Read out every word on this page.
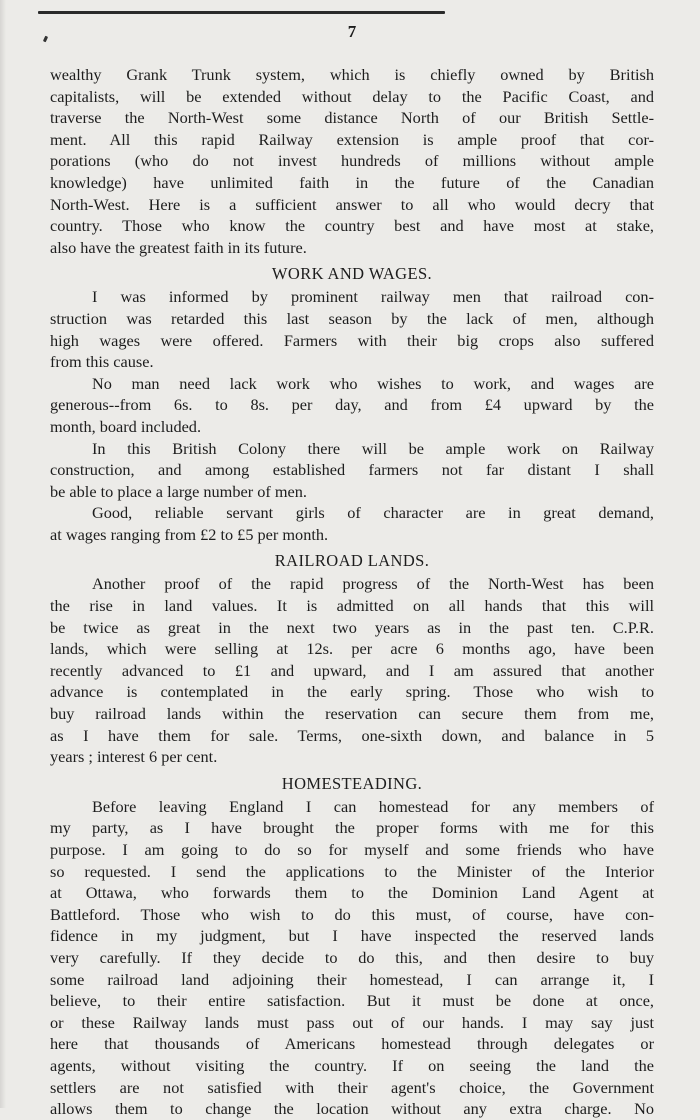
7
wealthy Grank Trunk system, which is chiefly owned by British
capitalists, will be extended without delay to the Pacific Coast, and
traverse the North-West some distance North of our British Settle-
ment. All this rapid Railway extension is ample proof that cor-
porations (who do not invest hundreds of millions without ample
knowledge) have unlimited faith in the future of the Canadian
North-West. Here is a sufficient answer to all who would decry that
country. Those who know the country best and have most at stake,
also have the greatest faith in its future.
WORK AND WAGES.
I was informed by prominent railway men that railroad con-
struction was retarded this last season by the lack of men, although
high wages were offered. Farmers with their big crops also suffered
from this cause.
No man need lack work who wishes to work, and wages are
generous--from 6s. to 8s. per day, and from £4 upward by the
month, board included.
In this British Colony there will be ample work on Railway
construction, and among established farmers not far distant I shall
be able to place a large number of men.
Good, reliable servant girls of character are in great demand,
at wages ranging from £2 to £5 per month.
RAILROAD LANDS.
Another proof of the rapid progress of the North-West has been
the rise in land values. It is admitted on all hands that this will
be twice as great in the next two years as in the past ten. C.P.R.
lands, which were selling at 12s. per acre 6 months ago, have been
recently advanced to £1 and upward, and I am assured that another
advance is contemplated in the early spring. Those who wish to
buy railroad lands within the reservation can secure them from me,
as I have them for sale. Terms, one-sixth down, and balance in 5
years ; interest 6 per cent.
HOMESTEADING.
Before leaving England I can homestead for any members of
my party, as I have brought the proper forms with me for this
purpose. I am going to do so for myself and some friends who have
so requested. I send the applications to the Minister of the Interior
at Ottawa, who forwards them to the Dominion Land Agent at
Battleford. Those who wish to do this must, of course, have con-
fidence in my judgment, but I have inspected the reserved lands
very carefully. If they decide to do this, and then desire to buy
some railroad land adjoining their homestead, I can arrange it, I
believe, to their entire satisfaction. But it must be done at once,
or these Railway lands must pass out of our hands. I may say just
here that thousands of Americans homestead through delegates or
agents, without visiting the country. If on seeing the land the
settlers are not satisfied with their agent's choice, the Government
allows them to change the location without any extra charge. No
